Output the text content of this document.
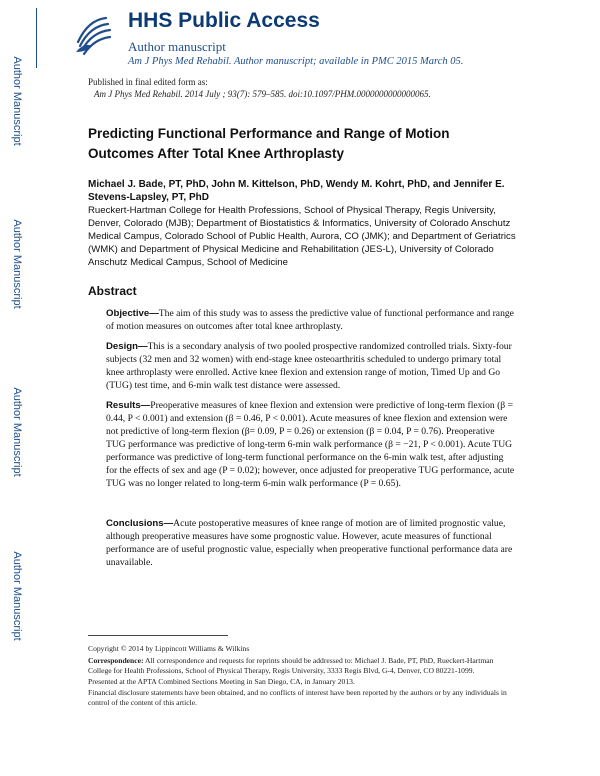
Author Manuscript
Author Manuscript
Author Manuscript
Author Manuscript
HHS Public Access
Author manuscript
Am J Phys Med Rehabil. Author manuscript; available in PMC 2015 March 05.
Published in final edited form as:
Am J Phys Med Rehabil. 2014 July ; 93(7): 579–585. doi:10.1097/PHM.0000000000000065.
Predicting Functional Performance and Range of Motion Outcomes After Total Knee Arthroplasty
Michael J. Bade, PT, PhD, John M. Kittelson, PhD, Wendy M. Kohrt, PhD, and Jennifer E. Stevens-Lapsley, PT, PhD
Rueckert-Hartman College for Health Professions, School of Physical Therapy, Regis University, Denver, Colorado (MJB); Department of Biostatistics & Informatics, University of Colorado Anschutz Medical Campus, Colorado School of Public Health, Aurora, CO (JMK); and Department of Geriatrics (WMK) and Department of Physical Medicine and Rehabilitation (JES-L), University of Colorado Anschutz Medical Campus, School of Medicine
Abstract
Objective—The aim of this study was to assess the predictive value of functional performance and range of motion measures on outcomes after total knee arthroplasty.
Design—This is a secondary analysis of two pooled prospective randomized controlled trials. Sixty-four subjects (32 men and 32 women) with end-stage knee osteoarthritis scheduled to undergo primary total knee arthroplasty were enrolled. Active knee flexion and extension range of motion, Timed Up and Go (TUG) test time, and 6-min walk test distance were assessed.
Results—Preoperative measures of knee flexion and extension were predictive of long-term flexion (β = 0.44, P < 0.001) and extension (β = 0.46, P < 0.001). Acute measures of knee flexion and extension were not predictive of long-term flexion (β= 0.09, P = 0.26) or extension (β = 0.04, P = 0.76). Preoperative TUG performance was predictive of long-term 6-min walk performance (β = −21, P < 0.001). Acute TUG performance was predictive of long-term functional performance on the 6-min walk test, after adjusting for the effects of sex and age (P = 0.02); however, once adjusted for preoperative TUG performance, acute TUG was no longer related to long-term 6-min walk performance (P = 0.65).
Conclusions—Acute postoperative measures of knee range of motion are of limited prognostic value, although preoperative measures have some prognostic value. However, acute measures of functional performance are of useful prognostic value, especially when preoperative functional performance data are unavailable.
Copyright © 2014 by Lippincott Williams & Wilkins
Correspondence: All correspondence and requests for reprints should be addressed to: Michael J. Bade, PT, PhD, Rueckert-Hartman College for Health Professions, School of Physical Therapy, Regis University, 3333 Regis Blvd, G-4, Denver, CO 80221-1099.
Presented at the APTA Combined Sections Meeting in San Diego, CA, in January 2013.
Financial disclosure statements have been obtained, and no conflicts of interest have been reported by the authors or by any individuals in control of the content of this article.
